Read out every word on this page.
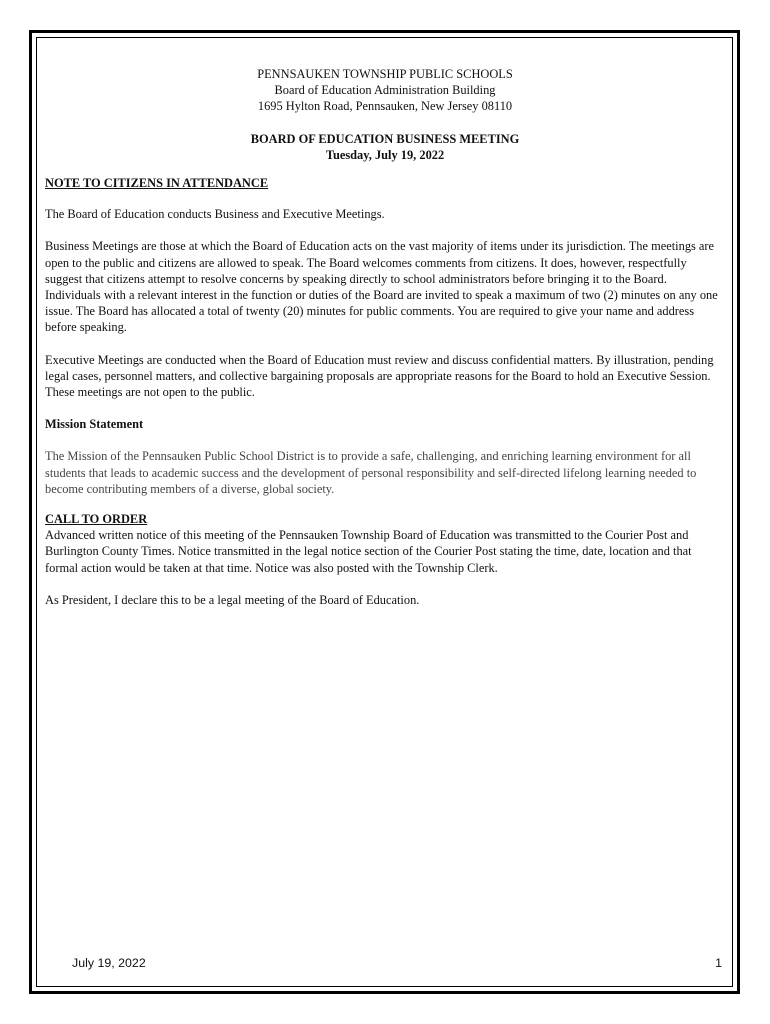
PENNSAUKEN TOWNSHIP PUBLIC SCHOOLS

Board of Education Administration Building

1695 Hylton Road, Pennsauken, New Jersey 08110

BOARD OF EDUCATION BUSINESS MEETING

Tuesday, July 19, 2022

NOTE TO CITIZENS IN ATTENDANCE

The Board of Education conducts Business and Executive Meetings.

Business Meetings are those at which the Board of Education acts on the vast majority of items under its jurisdiction. The meetings are open to the public and citizens are allowed to speak. The Board welcomes comments from citizens. It does, however, respectfully suggest that citizens attempt to resolve concerns by speaking directly to school administrators before bringing it to the Board. Individuals with a relevant interest in the function or duties of the Board are invited to speak a maximum of two (2) minutes on any one issue. The Board has allocated a total of twenty (20) minutes for public comments. You are required to give your name and address before speaking.

Executive Meetings are conducted when the Board of Education must review and discuss confidential matters. By illustration, pending legal cases, personnel matters, and collective bargaining proposals are appropriate reasons for the Board to hold an Executive Session. These meetings are not open to the public.

Mission Statement

The Mission of the Pennsauken Public School District is to provide a safe, challenging, and enriching learning environment for all students that leads to academic success and the development of personal responsibility and self-directed lifelong learning needed to become contributing members of a diverse, global society.

CALL TO ORDER

Advanced written notice of this meeting of the Pennsauken Township Board of Education was transmitted to the Courier Post and Burlington County Times. Notice transmitted in the legal notice section of the Courier Post stating the time, date, location and that formal action would be taken at that time. Notice was also posted with the Township Clerk.

As President, I declare this to be a legal meeting of the Board of Education.

July 19, 2022	1
